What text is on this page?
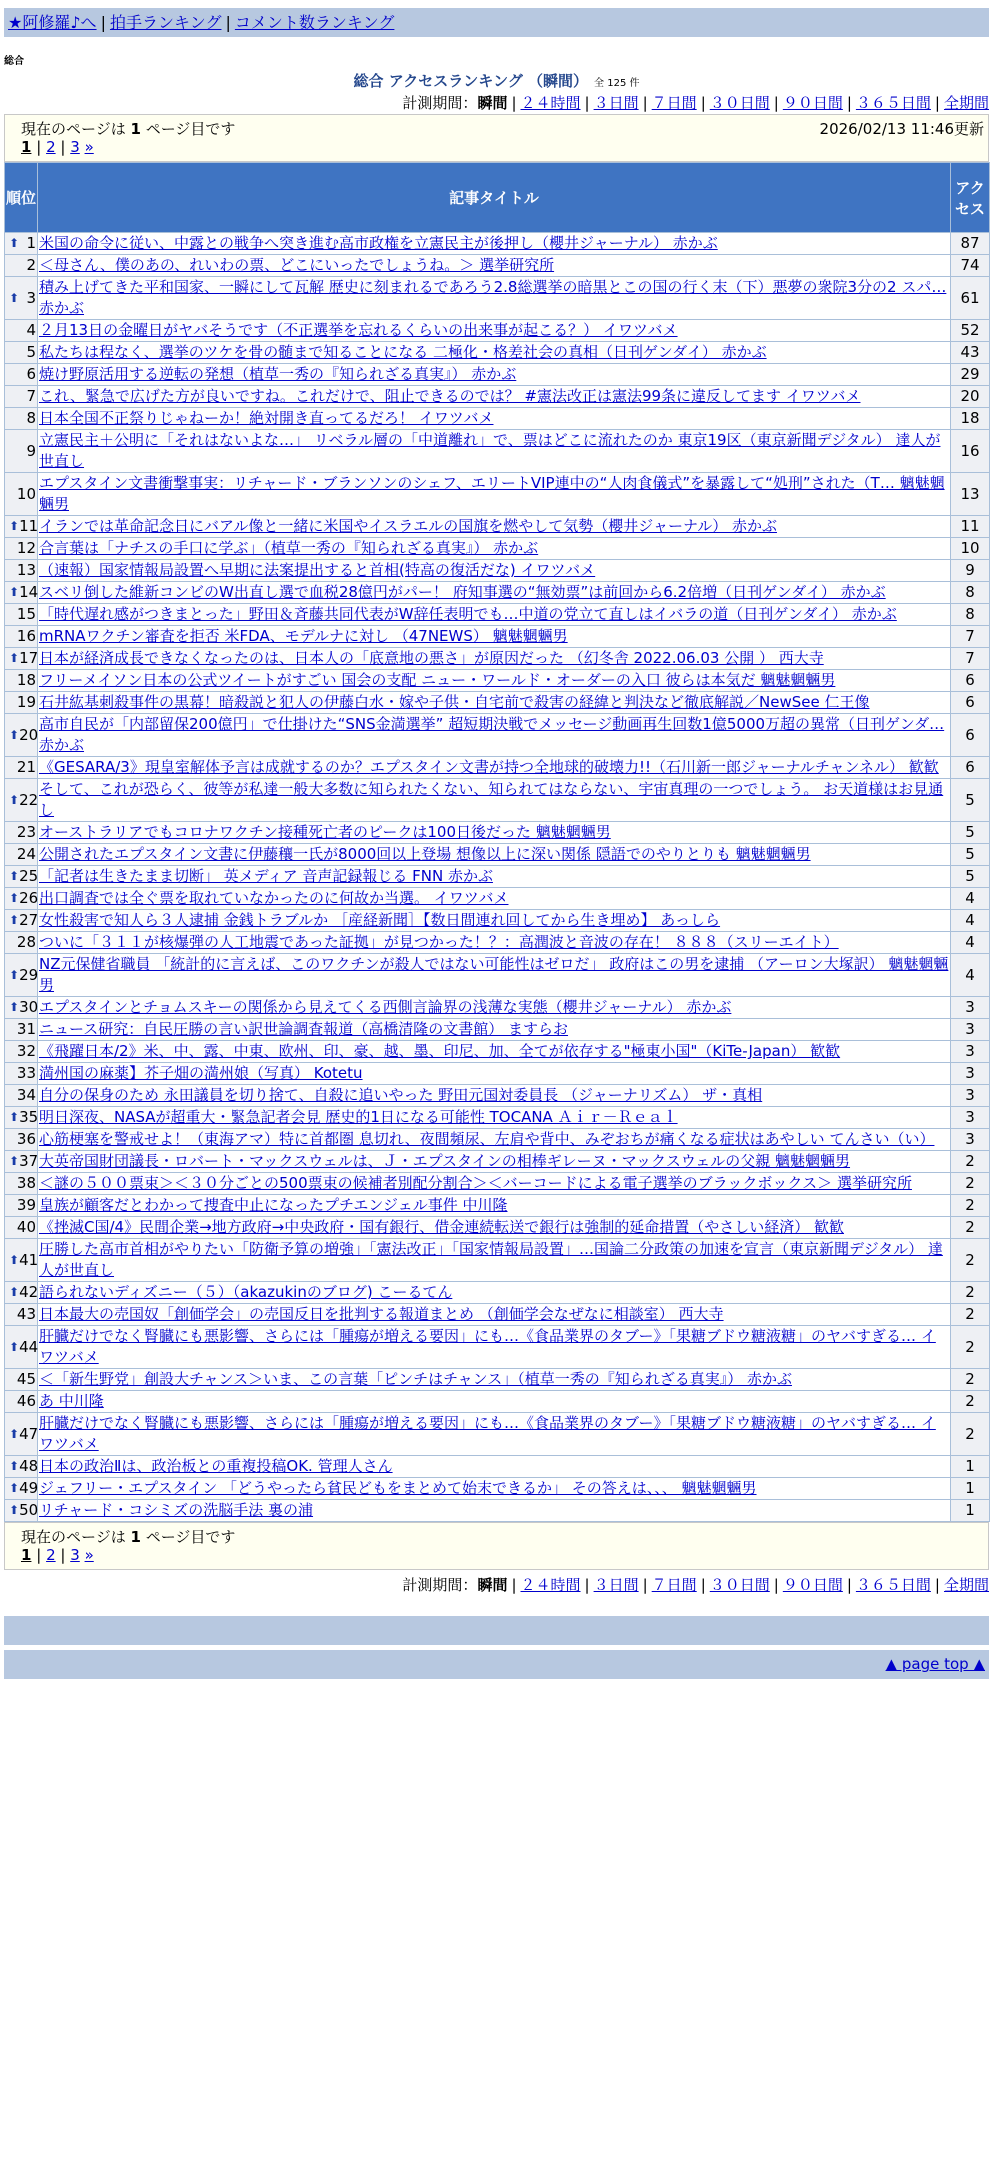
★阿修羅♪へ | 拍手ランキング | コメント数ランキング
総合
総合 アクセスランキング （瞬間） 全 125 件
計測期間：瞬間 | ２４時間 | ３日間 | ７日間 | ３０日間 | ９０日間 | ３６５日間 | 全期間
現在のページは 1 ページ目です	2026/02/13 11:46更新
1 | 2 | 3 »
順位	記事タイトル	アクセス

⬆ 1	米国の命令に従い、中露との戦争へ突き進む高市政権を立憲民主が後押し（櫻井ジャーナル） 赤かぶ	87
2	＜母さん、僕のあの、れいわの票、どこにいったでしょうね。＞ 選挙研究所	74

⬆ 3	積み上げてきた平和国家、一瞬にして瓦解 歴史に刻まれるであろう2.8総選挙の暗黒とこの国の行く末（下）悪夢の衆院3分の2 スパ… 赤かぶ	61
4	２月13日の金曜日がヤバそうです（不正選挙を忘れるくらいの出来事が起こる？） イワツバメ	52
5	私たちは程なく、選挙のツケを骨の髄まで知ることになる 二極化・格差社会の真相（日刊ゲンダイ） 赤かぶ	43
6	焼け野原活用する逆転の発想（植草一秀の『知られざる真実』） 赤かぶ	29
7	これ、緊急で広げた方が良いですね。これだけで、阻止できるのでは？ #憲法改正は憲法99条に違反してます イワツバメ	20
8	日本全国不正祭りじゃねーか！絶対開き直ってるだろ！ イワツバメ	18
9	立憲民主＋公明に「それはないよな…」 リベラル層の「中道離れ」で、票はどこに流れたのか 東京19区（東京新聞デジタル） 達人が世直し	16
10	エプスタイン文書衝撃事実：リチャード・ブランソンのシェフ、エリートVIP連中の“人肉食儀式”を暴露して“処刑”された（T… 魑魅魍魎男	13

⬆ 11	イランでは革命記念日にバアル像と一緒に米国やイスラエルの国旗を燃やして気勢（櫻井ジャーナル） 赤かぶ	11
12	合言葉は「ナチスの手口に学ぶ」（植草一秀の『知られざる真実』） 赤かぶ	10
13	（速報）国家情報局設置へ早期に法案提出すると首相(特高の復活だな) イワツバメ	9

⬆ 14	スベリ倒した維新コンビのW出直し選で血税28億円がパー！ 府知事選の“無効票”は前回から6.2倍増（日刊ゲンダイ） 赤かぶ	8
15	「時代遅れ感がつきまとった」野田＆斉藤共同代表がW辞任表明でも…中道の党立て直しはイバラの道（日刊ゲンダイ） 赤かぶ	8
16	mRNAワクチン審査を拒否 米FDA、モデルナに対し （47NEWS） 魑魅魍魎男	7

⬆ 17	日本が経済成長できなくなったのは、日本人の「底意地の悪さ」が原因だった （幻冬舎 2022.06.03 公開 ） 西大寺	7
18	フリーメイソン日本の公式ツイートがすごい 国会の支配 ニュー・ワールド・オーダーの入口 彼らは本気だ 魑魅魍魎男	6
19	石井紘基刺殺事件の黒幕！暗殺説と犯人の伊藤白水・嫁や子供・自宅前で殺害の経緯と判決など徹底解説／NewSee 仁王像	6

⬆ 20	高市自民が「内部留保200億円」で仕掛けた“SNS金満選挙” 超短期決戦でメッセージ動画再生回数1億5000万超の異常（日刊ゲンダ… 赤かぶ	6
21	《GESARA/3》現皇室解体予言は成就するのか？エプスタイン文書が持つ全地球的破壊力!!（石川新一郎ジャーナルチャンネル） 歓歓	6

⬆ 22	そして、これが恐らく、彼等が私達一般大多数に知られたくない、知られてはならない、宇宙真理の一つでしょう。 お天道様はお見通し	5
23	オーストラリアでもコロナワクチン接種死亡者のピークは100日後だった 魑魅魍魎男	5
24	公開されたエプスタイン文書に伊藤穰一氏が8000回以上登場 想像以上に深い関係 隠語でのやりとりも 魑魅魍魎男	5

⬆ 25	「記者は生きたまま切断」 英メディア 音声記録報じる FNN 赤かぶ	5

⬆ 26	出口調査では全ぐ票を取れていなかったのに何故か当選。 イワツバメ	4

⬆ 27	女性殺害で知人ら３人逮捕 金銭トラブルか ［産経新聞］【数日間連れ回してから生き埋め】 あっしら	4
28	ついに「３１１が核爆弾の人工地震であった証拠」が見つかった！？：高潤波と音波の存在！ ８８８（スリーエイト）	4

⬆ 29	NZ元保健省職員 「統計的に言えば、このワクチンが殺人ではない可能性はゼロだ」 政府はこの男を逮捕 （アーロン大塚訳） 魑魅魍魎男	4

⬆ 30	エプスタインとチョムスキーの関係から見えてくる西側言論界の浅薄な実態（櫻井ジャーナル） 赤かぶ	3
31	ニュース研究：自民圧勝の言い訳世論調査報道（高橋清隆の文書館） ますらお	3
32	《飛躍日本/2》米、中、露、中東、欧州、印、豪、越、墨、印尼、加、全てが依存する"極東小国"（KiTe-Japan） 歓歓	3
33	満州国の麻薬】芥子畑の満州娘（写真） Kotetu	3
34	自分の保身のため 永田議員を切り捨て、自殺に追いやった 野田元国対委員長 （ジャーナリズム） ザ・真相	3

⬆ 35	明日深夜、NASAが超重大・緊急記者会見 歴史的1日になる可能性 TOCANA Ａｉｒ－Ｒｅａｌ	3
36	心筋梗塞を警戒せよ！（東海アマ）特に首都圏 息切れ、夜間頻尿、左肩や背中、みぞおちが痛くなる症状はあやしい てんさい（い）	3

⬆ 37	大英帝国財団議長・ロバート・マックスウェルは、Ｊ・エプスタインの相棒ギレーヌ・マックスウェルの父親 魑魅魍魎男	2
38	＜謎の５００票束＞＜３０分ごとの500票束の候補者別配分割合＞＜バーコードによる電子選挙のブラックボックス＞ 選挙研究所	2
39	皇族が顧客だとわかって捜査中止になったプチエンジェル事件 中川隆	2
40	《挫滅C国/4》民間企業→地方政府→中央政府・国有銀行、借金連続転送で銀行は強制的延命措置（やさしい経済） 歓歓	2

⬆ 41	圧勝した高市首相がやりたい「防衛予算の増強」「憲法改正」「国家情報局設置」…国論二分政策の加速を宣言（東京新聞デジタル） 達人が世直し	2

⬆ 42	語られないディズニー（５）（akazukinのブログ) こーるてん	2
43	日本最大の売国奴「創価学会」の売国反日を批判する報道まとめ （創価学会なぜなに相談室） 西大寺	2

⬆ 44	肝臓だけでなく腎臓にも悪影響、さらには「腫瘍が増える要因」にも…《食品業界のタブー》「果糖ブドウ糖液糖」のヤバすぎる… イワツバメ	2
45	＜「新生野党」創設大チャンス＞いま、この言葉「ピンチはチャンス」（植草一秀の『知られざる真実』） 赤かぶ	2
46	あ 中川隆	2

⬆ 47	肝臓だけでなく腎臓にも悪影響、さらには「腫瘍が増える要因」にも…《食品業界のタブー》「果糖ブドウ糖液糖」のヤバすぎる… イワツバメ	2

⬆ 48	日本の政治Ⅱは、政治板との重複投稿OK. 管理人さん	1

⬆ 49	ジェフリー・エプスタイン 「どうやったら貧民どもをまとめて始末できるか」 その答えは、、、 魑魅魍魎男	1

⬆ 50	リチャード・コシミズの洗脳手法 裏の浦	1
現在のページは 1 ページ目です
1 | 2 | 3 »
計測期間：瞬間 | ２４時間 | ３日間 | ７日間 | ３０日間 | ９０日間 | ３６５日間 | 全期間
▲ page top ▲
